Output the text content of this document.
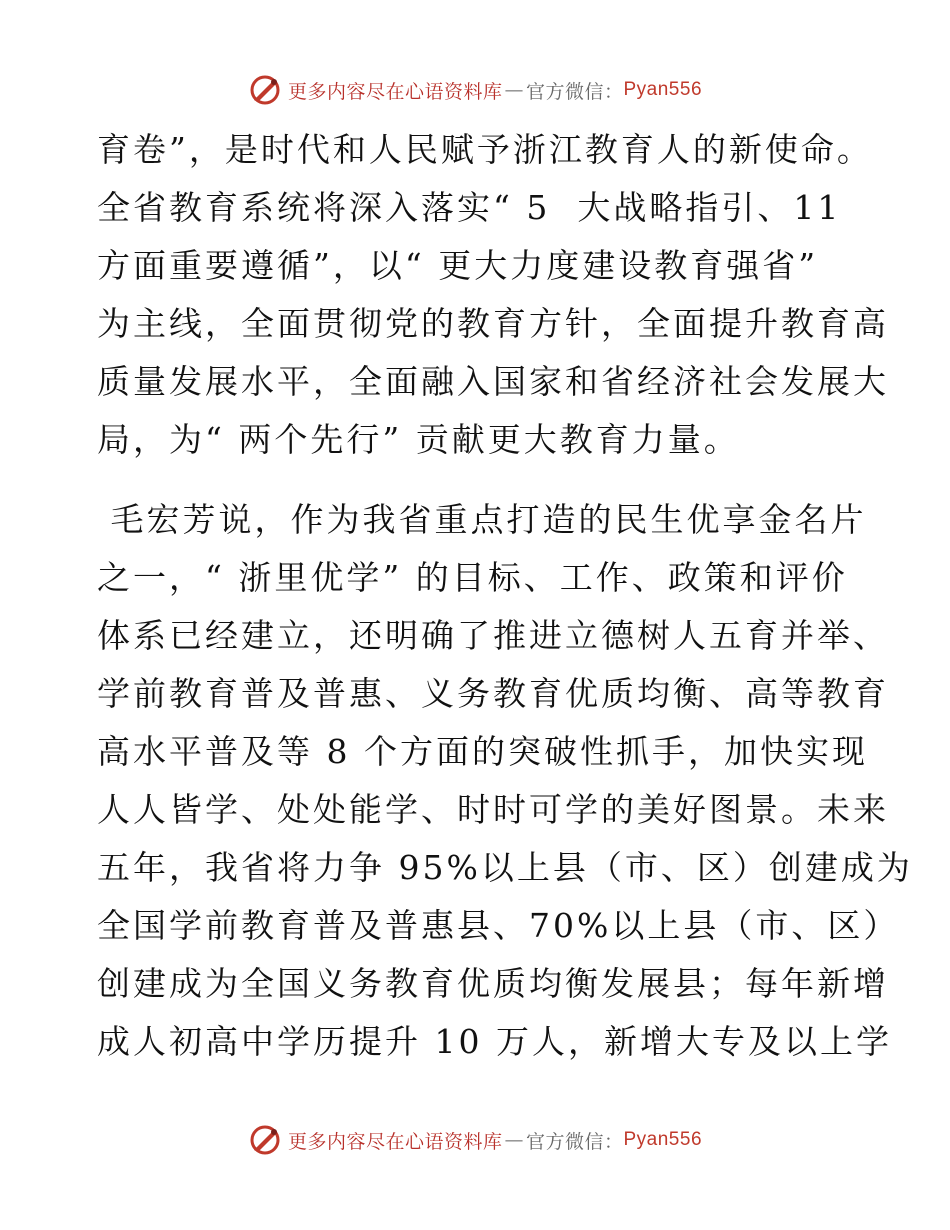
更多内容尽在心语资料库 — 官方微信： Pyan556
育卷”，是时代和人民赋予浙江教育人的新使命。
全省教育系统将深入落实“ 5  大战略指引、11
方面重要遵循”，以“ 更大力度建设教育强省”
为主线，全面贯彻党的教育方针，全面提升教育高
质量发展水平，全面融入国家和省经济社会发展大
局，为“ 两个先行” 贡献更大教育力量。
毛宏芳说，作为我省重点打造的民生优享金名片
之一，“ 浙里优学” 的目标、工作、政策和评价
体系已经建立，还明确了推进立德树人五育并举、
学前教育普及普惠、义务教育优质均衡、高等教育
高水平普及等 8 个方面的突破性抓手，加快实现
人人皆学、处处能学、时时可学的美好图景。未来
五年，我省将力争 95%以上县（市、区）创建成为
全国学前教育普及普惠县、70%以上县（市、区）
创建成为全国义务教育优质均衡发展县；每年新增
成人初高中学历提升 10 万人，新增大专及以上学
更多内容尽在心语资料库 — 官方微信： Pyan556
